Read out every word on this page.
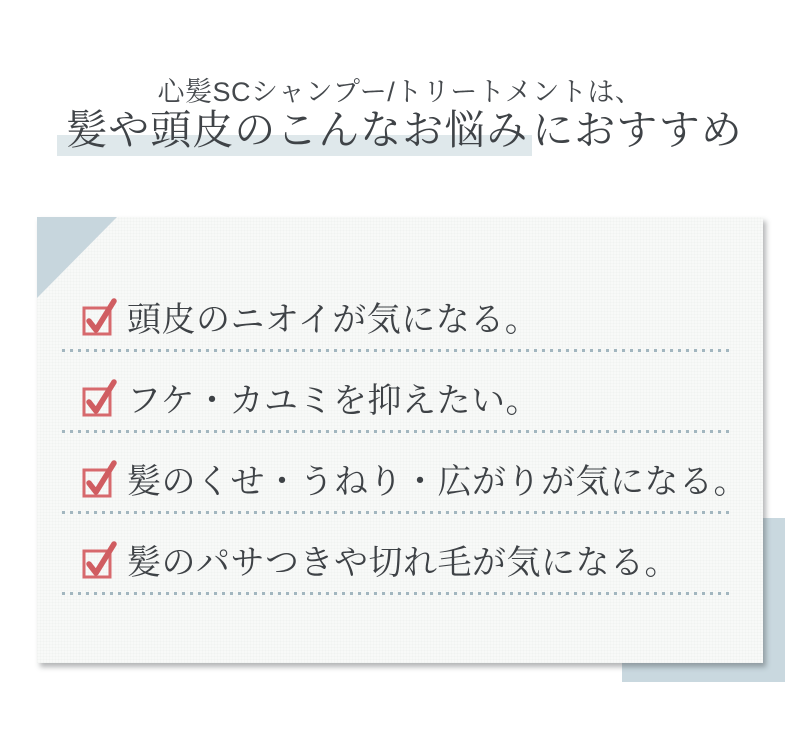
心髪SCシャンプー/トリートメントは、
髪や頭皮のこんなお悩みにおすすめ
頭皮のニオイが気になる。
フケ・カユミを抑えたい。
髪のくせ・うねり・広がりが気になる。
髪のパサつきや切れ毛が気になる。
